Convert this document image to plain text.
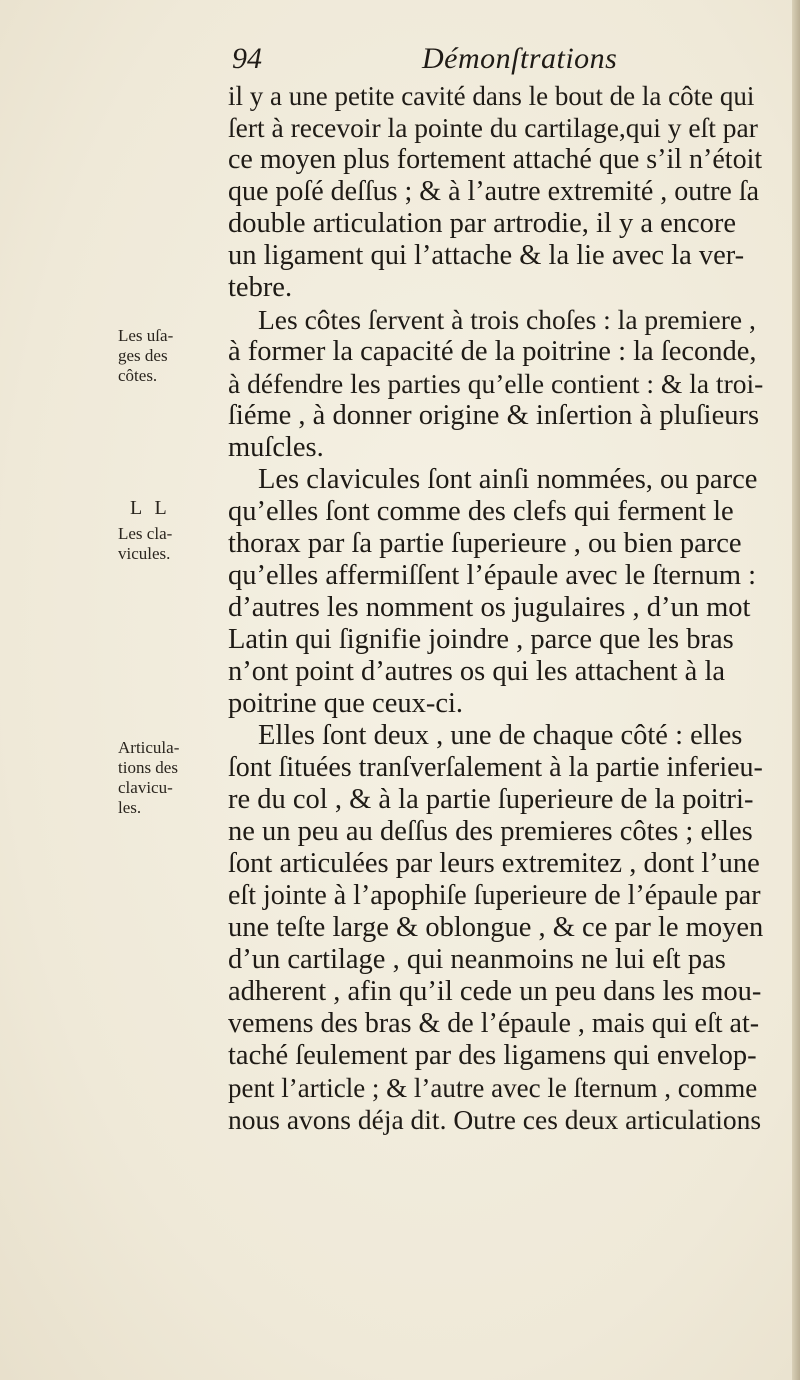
94	Démonſtrations
Les uſa-
ges des
côtes.
L L
Les cla-
vicules.
Articula-
tions des
clavicu-
les.
il y a une petite cavité dans le bout de la côte qui
ſert à recevoir la pointe du cartilage,qui y eſt par
ce moyen plus fortement attaché que s’il n’étoit
que poſé deſſus ; & à l’autre extremité , outre ſa
double articulation par artrodie, il y a encore
un ligament qui l’attache & la lie avec la ver-
tebre.
Les côtes ſervent à trois choſes : la premiere ,
à former la capacité de la poitrine : la ſeconde,
à défendre les parties qu’elle contient : & la troi-
ſiéme , à donner origine & inſertion à pluſieurs
muſcles.
Les clavicules ſont ainſi nommées, ou parce
qu’elles ſont comme des clefs qui ferment le
thorax par ſa partie ſuperieure , ou bien parce
qu’elles affermiſſent l’épaule avec le ſternum :
d’autres les nomment os jugulaires , d’un mot
Latin qui ſignifie joindre , parce que les bras
n’ont point d’autres os qui les attachent à la
poitrine que ceux-ci.
Elles ſont deux , une de chaque côté : elles
ſont ſituées tranſverſalement à la partie inferieu-
re du col , & à la partie ſuperieure de la poitri-
ne un peu au deſſus des premieres côtes ; elles
ſont articulées par leurs extremitez , dont l’une
eſt jointe à l’apophiſe ſuperieure de l’épaule par
une teſte large & oblongue , & ce par le moyen
d’un cartilage , qui neanmoins ne lui eſt pas
adherent , afin qu’il cede un peu dans les mou-
vemens des bras & de l’épaule , mais qui eſt at-
taché ſeulement par des ligamens qui envelop-
pent l’article ; & l’autre avec le ſternum , comme
nous avons déja dit. Outre ces deux articulations
